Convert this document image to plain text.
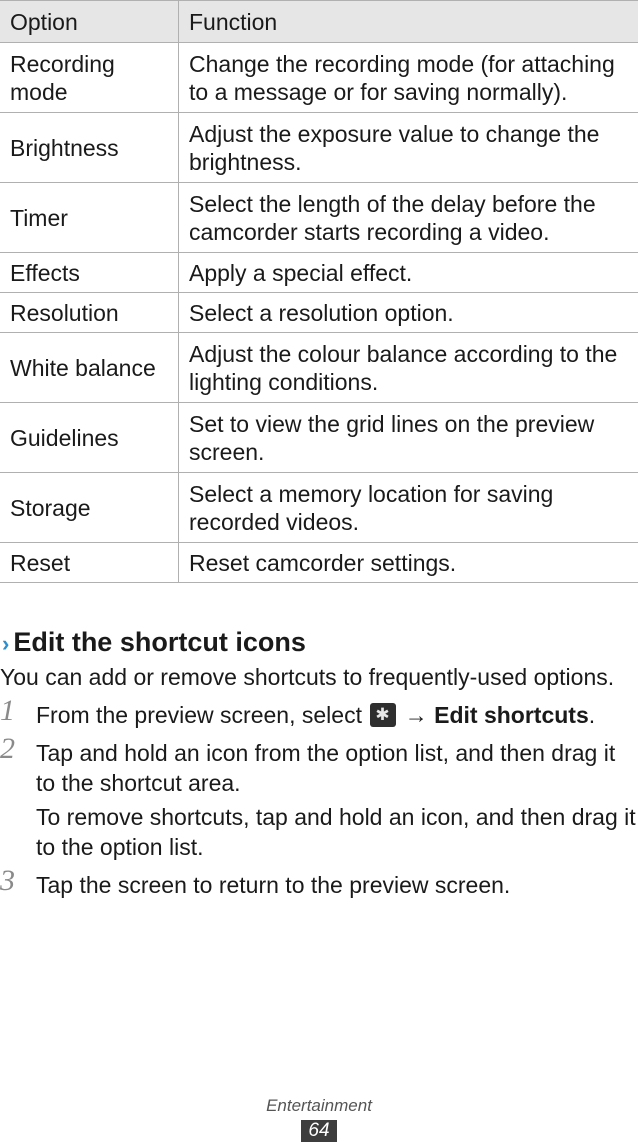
Option	Function
Recording mode	Change the recording mode (for attaching to a message or for saving normally).
Brightness	Adjust the exposure value to change the brightness.
Timer	Select the length of the delay before the camcorder starts recording a video.
Effects	Apply a special effect.
Resolution	Select a resolution option.
White balance	Adjust the colour balance according to the lighting conditions.
Guidelines	Set to view the grid lines on the preview screen.
Storage	Select a memory location for saving recorded videos.
Reset	Reset camcorder settings.
› Edit the shortcut icons
You can add or remove shortcuts to frequently-used options.
1 From the preview screen, select ✱ → Edit shortcuts.
2 Tap and hold an icon from the option list, and then drag it to the shortcut area.
To remove shortcuts, tap and hold an icon, and then drag it to the option list.
3 Tap the screen to return to the preview screen.
Entertainment
64
